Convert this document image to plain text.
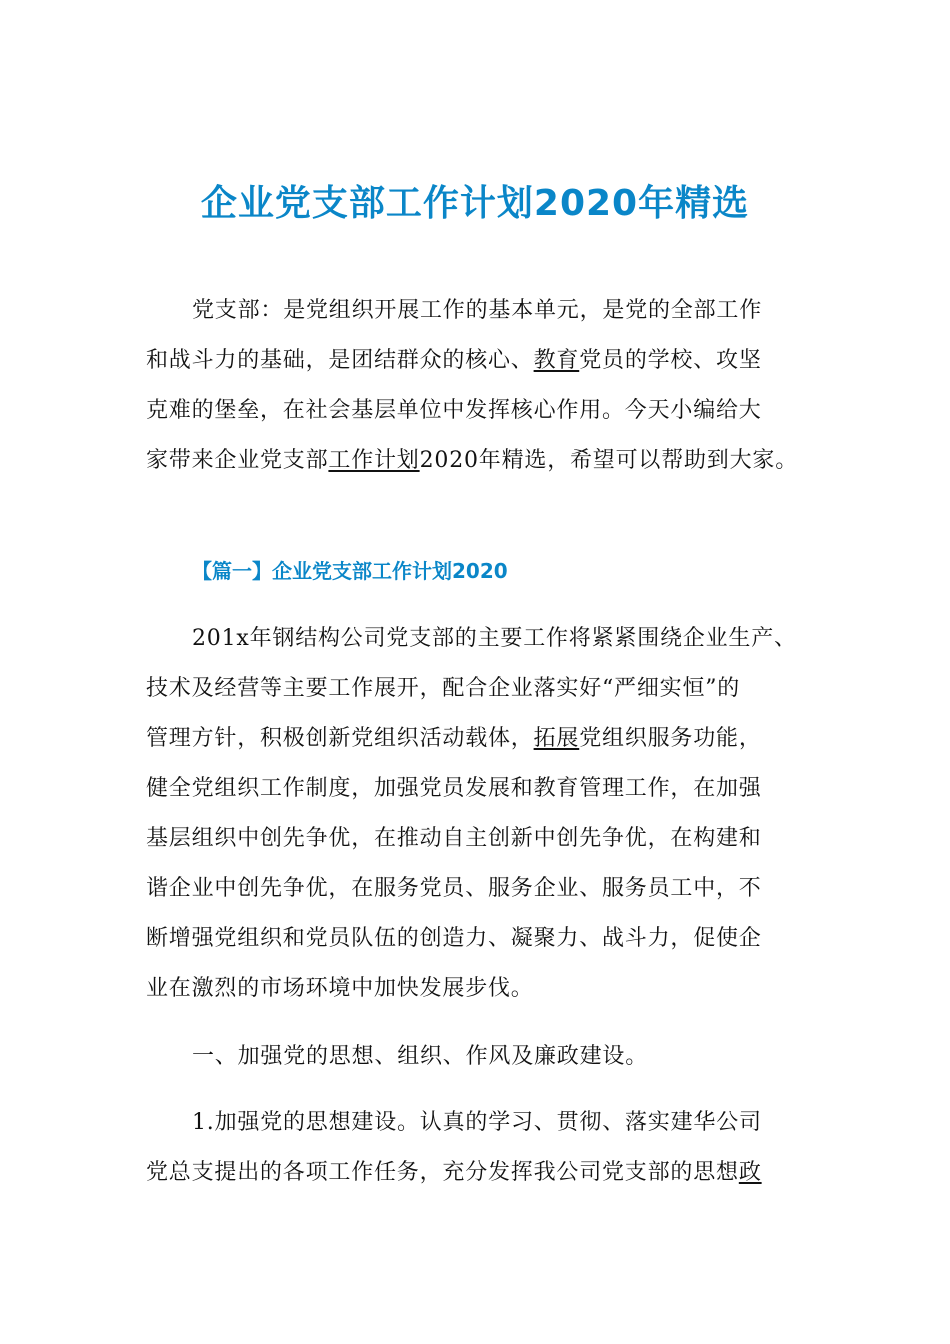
企业党支部工作计划2020年精选
党支部：是党组织开展工作的基本单元，是党的全部工作
和战斗力的基础，是团结群众的核心、教育党员的学校、攻坚
克难的堡垒，在社会基层单位中发挥核心作用。今天小编给大
家带来企业党支部工作计划2020年精选，希望可以帮助到大家。
【篇一】企业党支部工作计划2020
201x年钢结构公司党支部的主要工作将紧紧围绕企业生产、
技术及经营等主要工作展开，配合企业落实好“严细实恒”的
管理方针，积极创新党组织活动载体，拓展党组织服务功能，
健全党组织工作制度，加强党员发展和教育管理工作，在加强
基层组织中创先争优，在推动自主创新中创先争优，在构建和
谐企业中创先争优，在服务党员、服务企业、服务员工中，不
断增强党组织和党员队伍的创造力、凝聚力、战斗力，促使企
业在激烈的市场环境中加快发展步伐。
一、加强党的思想、组织、作风及廉政建设。
1.加强党的思想建设。认真的学习、贯彻、落实建华公司
党总支提出的各项工作任务，充分发挥我公司党支部的思想政
